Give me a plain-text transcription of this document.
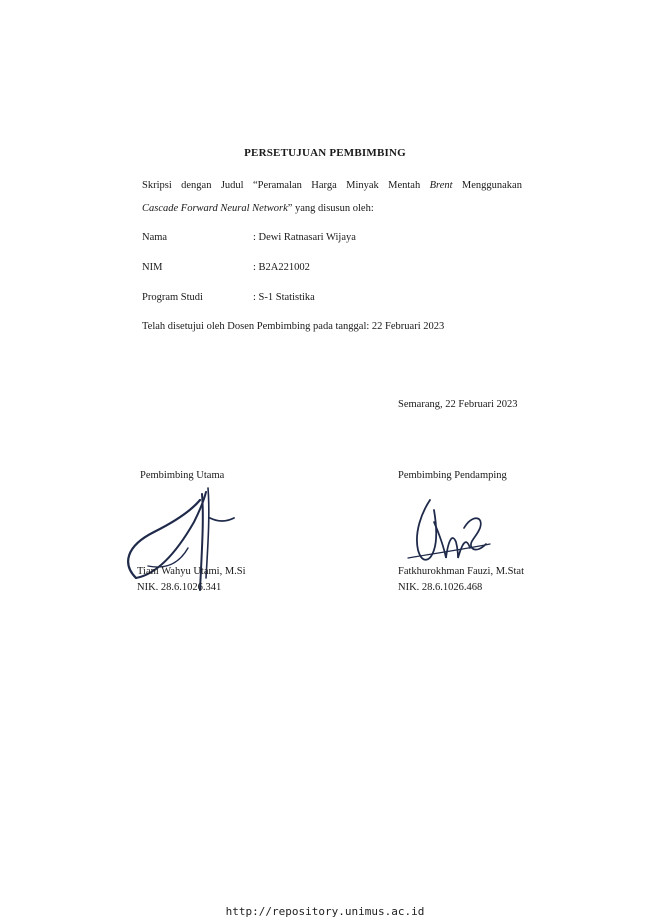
PERSETUJUAN PEMBIMBING
Skripsi dengan Judul “Peramalan Harga Minyak Mentah Brent Menggunakan
Cascade Forward Neural Network” yang disusun oleh:
Nama	: Dewi Ratnasari Wijaya
NIM	: B2A221002
Program Studi	: S-1 Statistika
Telah disetujui oleh Dosen Pembimbing pada tanggal: 22 Februari 2023
Semarang, 22 Februari 2023
Pembimbing Utama	Pembimbing Pendamping
Tiani Wahyu Utami, M.Si
NIK. 28.6.1026.341
Fatkhurokhman Fauzi, M.Stat
NIK. 28.6.1026.468
http://repository.unimus.ac.id
